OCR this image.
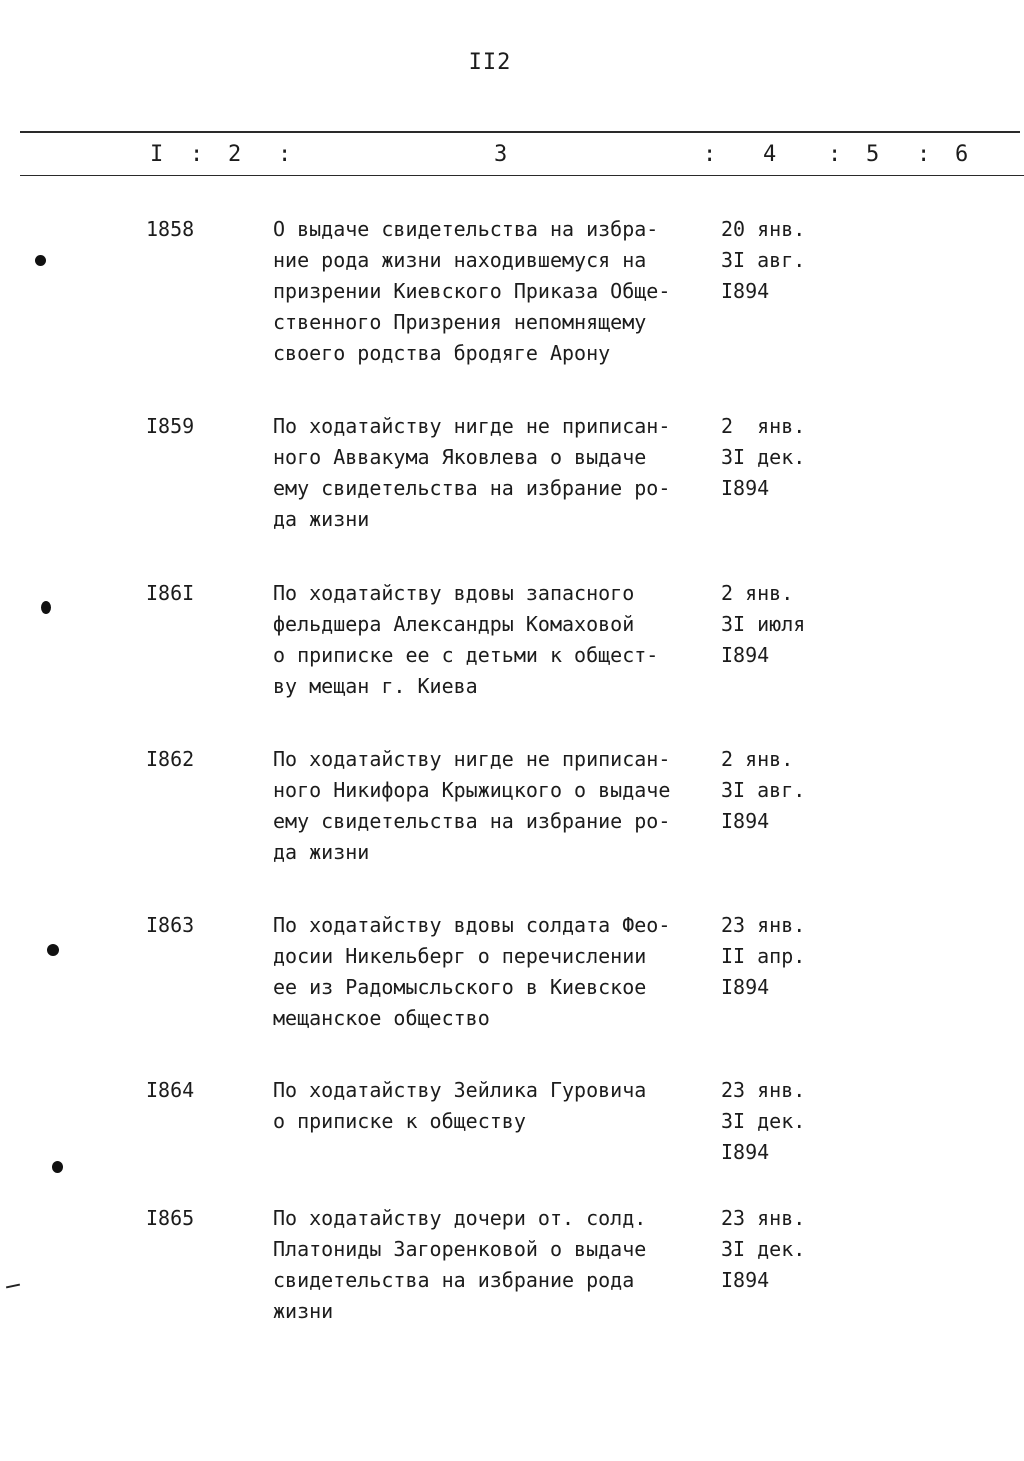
II2
I : 2 :	3	: 4 : 5 : 6
1858	О выдаче свидетельства на избра-
ние рода жизни находившемуся на
призрении Киевского Приказа Обще-
ственного Призрения непомнящему
своего родства бродяге Арону
20 янв.
3I авг.
I894
I859	По ходатайству нигде не приписан-
ного Аввакума Яковлева о выдаче
ему свидетельства на избрание ро-
да жизни
2  янв.
3I дек.
I894
I86I	По ходатайству вдовы запасного
фельдшера Александры Комаховой
о приписке ее с детьми к общест-
ву мещан г. Киева
2 янв.
3I июля
I894
I862	По ходатайству нигде не приписан-
ного Никифора Крыжицкого о выдаче
ему свидетельства на избрание ро-
да жизни
2 янв.
3I авг.
I894
I863	По ходатайству вдовы солдата Фео-
досии Никельберг о перечислении
ее из Радомысльского в Киевское
мещанское общество
23 янв.
II апр.
I894
I864	По ходатайству Зейлика Гуровича
о приписке к обществу
23 янв.
3I дек.
I894
I865	По ходатайству дочери от. солд.
Платониды Загоренковой о выдаче
свидетельства на избрание рода
жизни
23 янв.
3I дек.
I894
